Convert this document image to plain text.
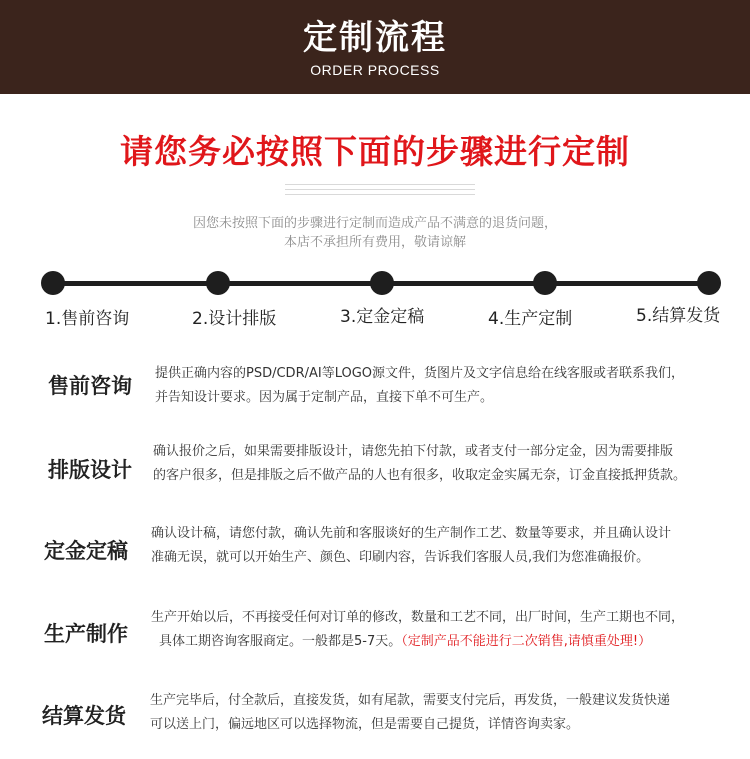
定制流程
ORDER PROCESS
请您务必按照下面的步骤进行定制
因您未按照下面的步骤进行定制而造成产品不满意的退货问题，
本店不承担所有费用，敬请谅解
1.售前咨询	2.设计排版	3.定金定稿	4.生产定制	5.结算发货
售前咨询
提供正确内容的PSD/CDR/AI等LOGO源文件，货图片及文字信息给在线客服或者联系我们，
并告知设计要求。因为属于定制产品，直接下单不可生产。
排版设计
确认报价之后，如果需要排版设计，请您先拍下付款，或者支付一部分定金，因为需要排版
的客户很多，但是排版之后不做产品的人也有很多，收取定金实属无奈，订金直接抵押货款。
定金定稿
确认设计稿，请您付款，确认先前和客服谈好的生产制作工艺、数量等要求，并且确认设计
准确无误，就可以开始生产、颜色、印刷内容，告诉我们客服人员,我们为您准确报价。
生产制作
生产开始以后，不再接受任何对订单的修改，数量和工艺不同，出厂时间，生产工期也不同，
具体工期咨询客服商定。一般都是5-7天。（定制产品不能进行二次销售,请慎重处理!）
结算发货
生产完毕后，付全款后，直接发货，如有尾款，需要支付完后，再发货，一般建议发货快递
可以送上门，偏远地区可以选择物流，但是需要自己提货，详情咨询卖家。
